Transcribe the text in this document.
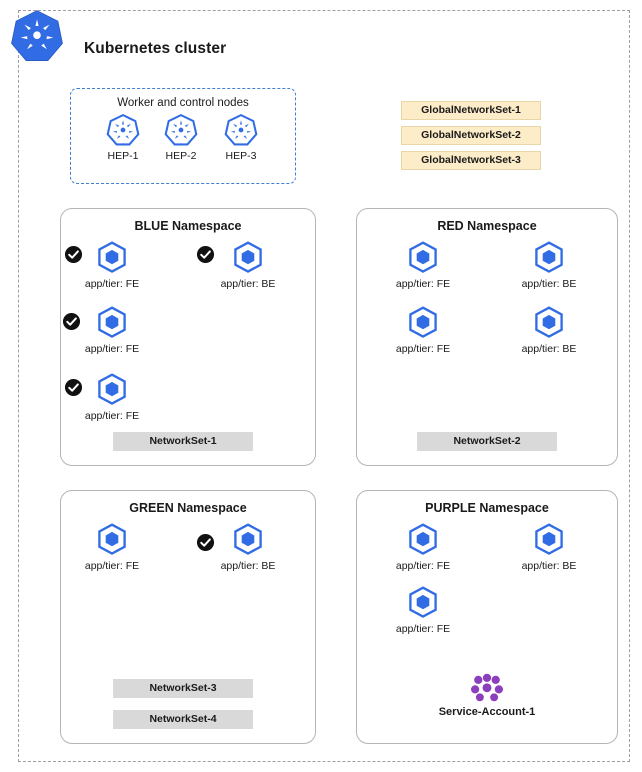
Kubernetes cluster
Worker and control nodes
HEP-1	HEP-2	HEP-3
GlobalNetworkSet-1
GlobalNetworkSet-2
GlobalNetworkSet-3
BLUE Namespace
app/tier: FE	app/tier: BE
app/tier: FE
app/tier: FE
NetworkSet-1
RED Namespace
app/tier: FE	app/tier: BE
app/tier: FE	app/tier: BE
NetworkSet-2
GREEN Namespace
app/tier: FE	app/tier: BE
NetworkSet-3
NetworkSet-4
PURPLE Namespace
app/tier: FE	app/tier: BE
app/tier: FE
Service-Account-1
